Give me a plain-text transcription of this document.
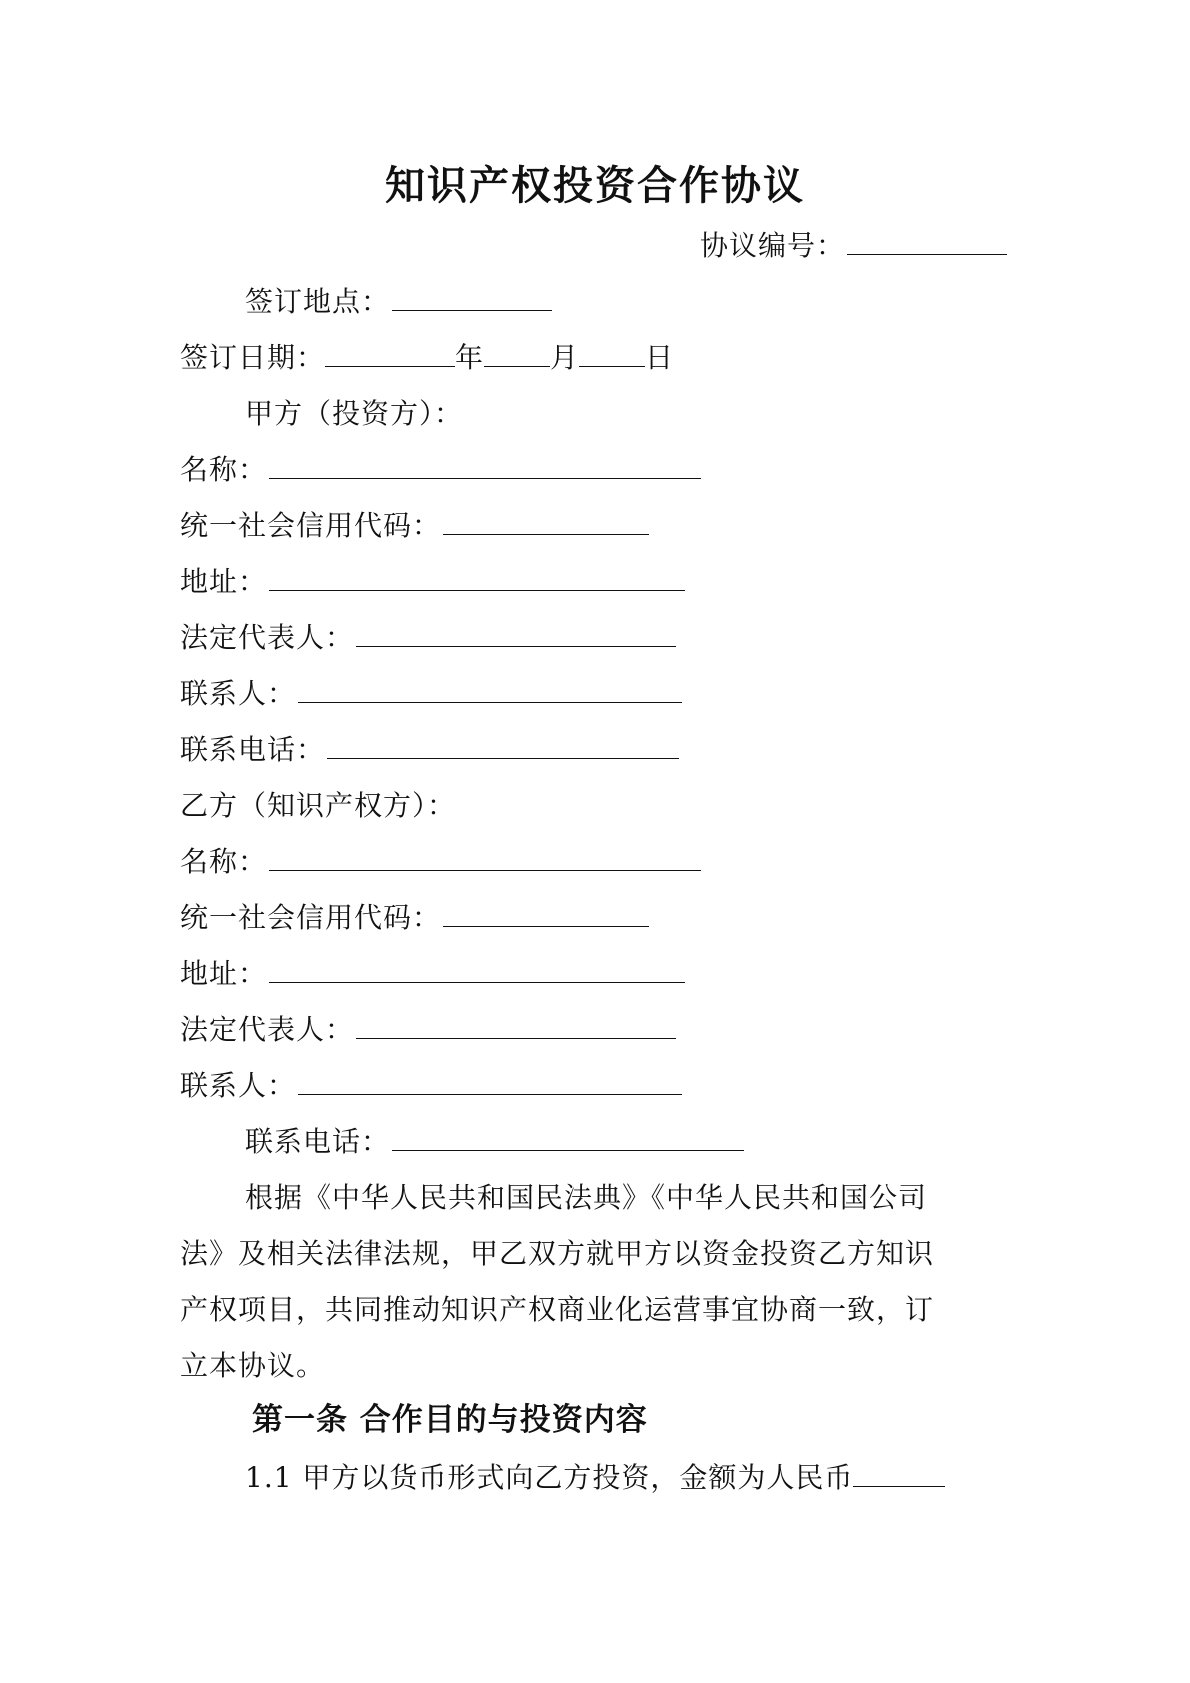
知识产权投资合作协议
协议编号：
签订地点：
签订日期：	年 月 日
甲方（投资方）：
名称：
统一社会信用代码：
地址：
法定代表人：
联系人：
联系电话：
乙方（知识产权方）：
名称：
统一社会信用代码：
地址：
法定代表人：
联系人：
联系电话：
根据《中华人民共和国民法典》《中华人民共和国公司
法》及相关法律法规，甲乙双方就甲方以资金投资乙方知识
产权项目，共同推动知识产权商业化运营事宜协商一致，订
立本协议。
第一条 合作目的与投资内容
1.1 甲方以货币形式向乙方投资，金额为人民币
